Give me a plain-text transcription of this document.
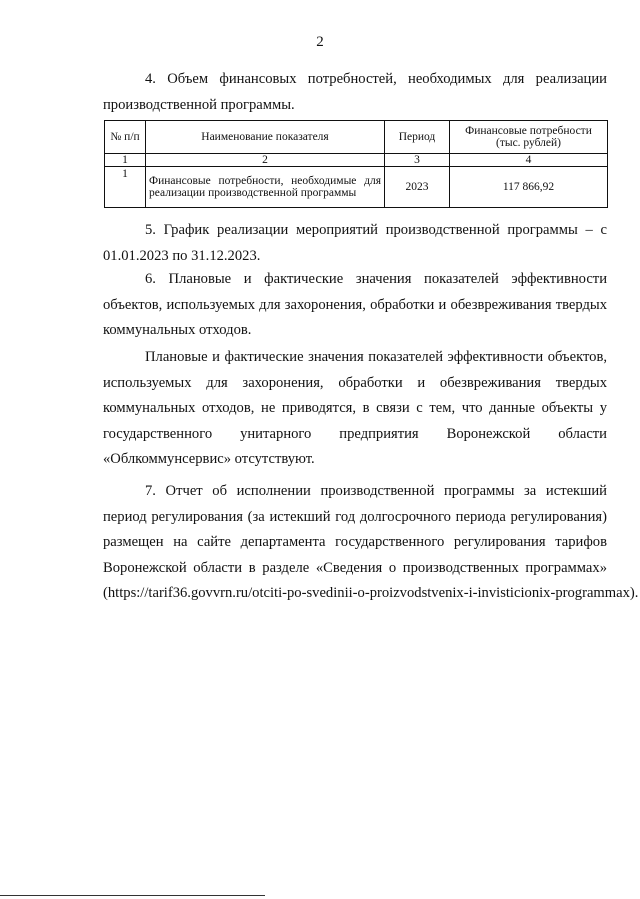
2
4. Объем финансовых потребностей, необходимых для реализации производственной программы.
№ п/п	Наименование показателя	Период	Финансовые потребности (тыс. рублей)
1	2	3	4
1	Финансовые потребности, необходимые для реализации производственной программы	2023	117 866,92
5. График реализации мероприятий производственной программы – с 01.01.2023 по 31.12.2023.
6. Плановые и фактические значения показателей эффективности объектов, используемых для захоронения, обработки и обезвреживания твердых коммунальных отходов.
Плановые и фактические значения показателей эффективности объектов, используемых для захоронения, обработки и обезвреживания твердых коммунальных отходов, не приводятся, в связи с тем, что данные объекты у государственного унитарного предприятия Воронежской области «Облкоммунсервис» отсутствуют.
7. Отчет об исполнении производственной программы за истекший период регулирования (за истекший год долгосрочного периода регулирования) размещен на сайте департамента государственного регулирования тарифов Воронежской области в разделе «Сведения о производственных программах» (https://tarif36.govvrn.ru/otciti-po-svedinii-o-proizvodstvenix-i-invisticionix-programmax).
